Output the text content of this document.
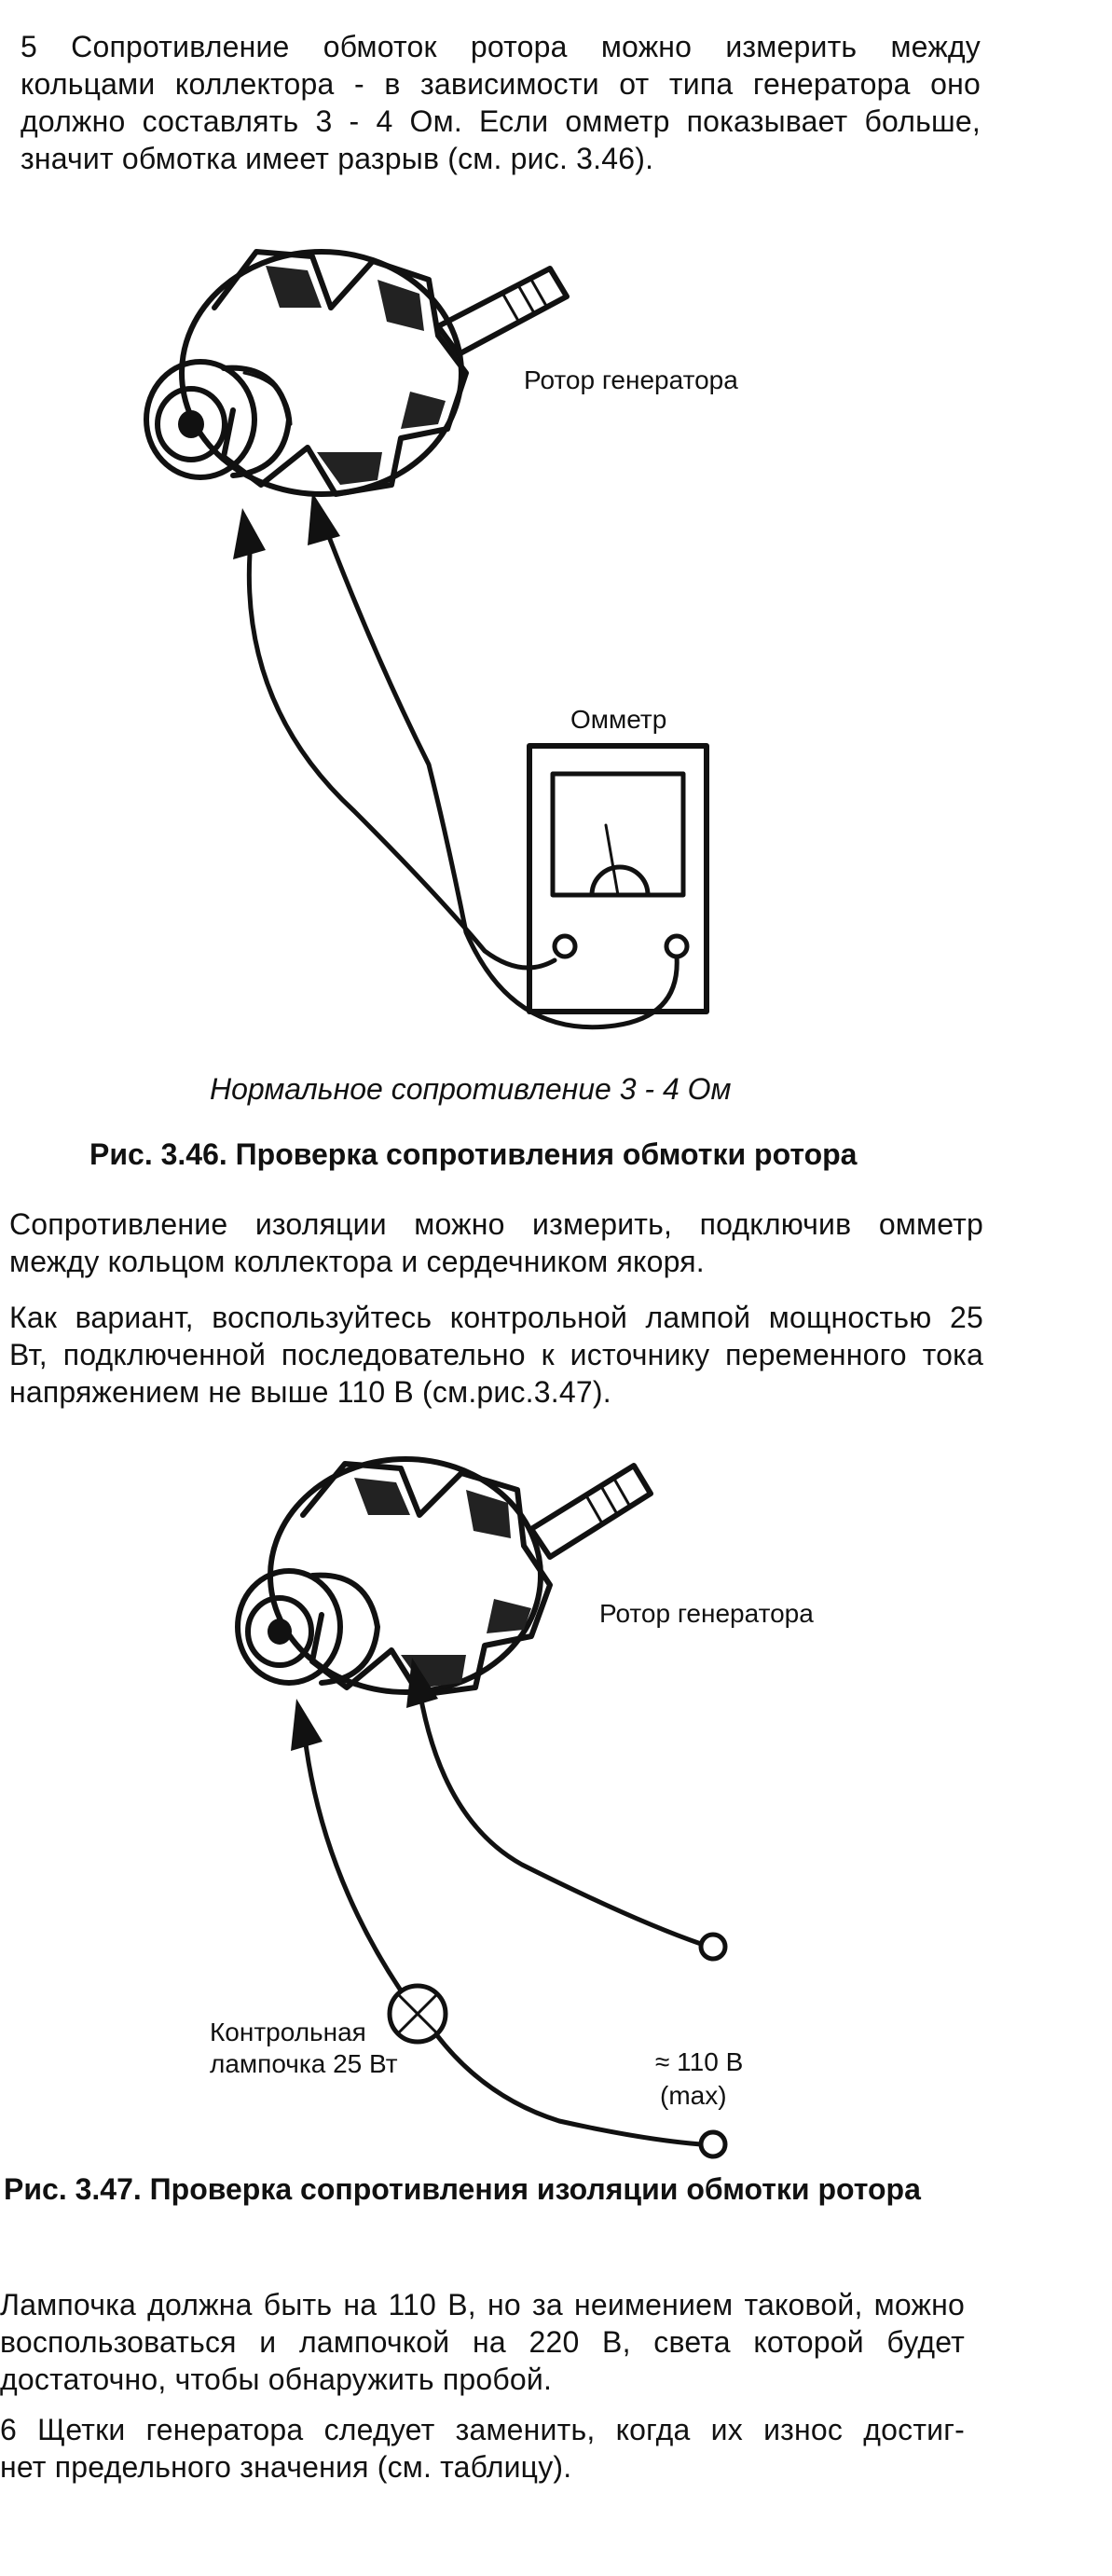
5 Сопротивление обмоток ротора можно измерить между
кольцами коллектора - в зависимости от типа генератора оно
должно составлять 3 - 4 Ом. Если омметр показывает больше,
значит обмотка имеет разрыв (см. рис. 3.46).
Ротор генератора
Омметр
Нормальное сопротивление 3 - 4 Ом
Рис. 3.46. Проверка сопротивления обмотки ротора
Сопротивление изоляции можно измерить, подключив омметр
между кольцом коллектора и сердечником якоря.
Как вариант, воспользуйтесь контрольной лампой мощностью 25
Вт, подключенной последовательно к источнику переменного тока
напряжением не выше 110 В (см.рис.3.47).
Ротор генератора
Контрольная
лампочка 25 Вт	≈ 110 В
(max)
Рис. 3.47. Проверка сопротивления изоляции обмотки ротора
Лампочка должна быть на 110 В, но за неимением таковой, можно
воспользоваться и лампочкой на 220 В, света которой будет
достаточно, чтобы обнаружить пробой.
6 Щетки генератора следует заменить, когда их износ достиг-
нет предельного значения (см. таблицу).
